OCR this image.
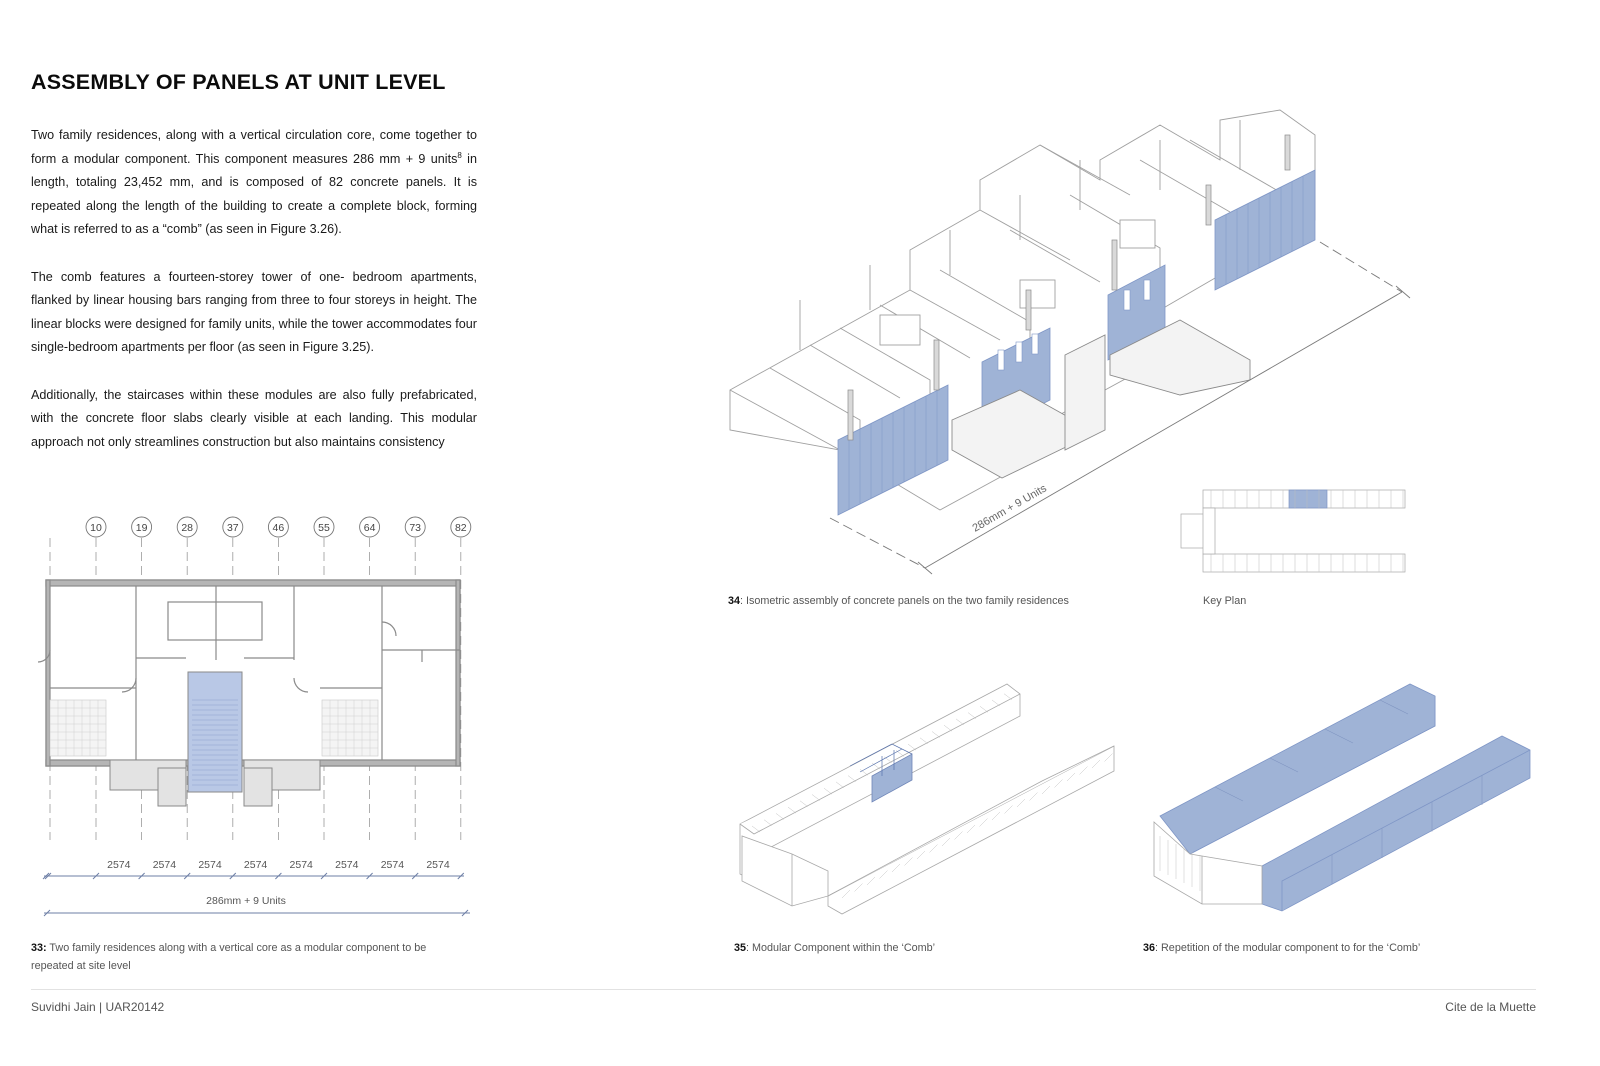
ASSEMBLY OF PANELS AT UNIT LEVEL

Two family residences, along with a vertical circulation core, come together to form a modular component. This component measures 286 mm + 9 units$^8$ in length, totaling 23,452 mm, and is composed of 82 concrete panels. It is repeated along the length of the building to create a complete block, forming what is referred to as a “comb” (as seen in Figure 3.26).

The comb features a fourteen-storey tower of one- bedroom apartments, flanked by linear housing bars ranging from three to four storeys in height. The linear blocks were designed for family units, while the tower accommodates four single-bedroom apartments per floor (as seen in Figure 3.25).

Additionally, the staircases within these modules are also fully prefabricated, with the concrete floor slabs clearly visible at each landing. This modular approach not only streamlines construction but also maintains consistency

10	19	28	37	46	55	64	73	82
2574 2574 2574 2574 2574 2574 2574 2574
286mm + 9 Units
33: Two family residences along with a vertical core as a modular component to be repeated at site level
286mm + 9 Units
34: Isometric assembly of concrete panels on the two family residences	Key Plan
35: Modular Component within the ‘Comb’	36: Repetition of the modular component to for the ‘Comb’
Suvidhi Jain | UAR20142	Cite de la Muette
